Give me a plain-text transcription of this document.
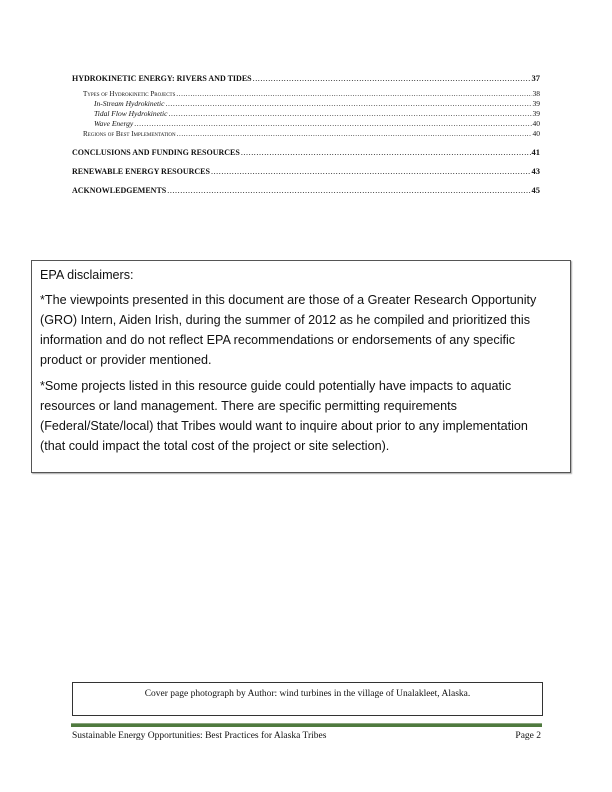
HYDROKINETIC ENERGY: RIVERS AND TIDES .....	37
Types of Hydrokinetic Projects .....	38
In-Stream Hydrokinetic .....	39
Tidal Flow Hydrokinetic .....	39
Wave Energy .....	40
Regions of Best Implementation .....	40
CONCLUSIONS AND FUNDING RESOURCES .....	41
RENEWABLE ENERGY RESOURCES .....	43
ACKNOWLEDGEMENTS .....	45

EPA disclaimers:

*The viewpoints presented in this document are those of a Greater Research Opportunity (GRO) Intern, Aiden Irish, during the summer of 2012 as he compiled and prioritized this information and do not reflect EPA recommendations or endorsements of any specific product or provider mentioned.

*Some projects listed in this resource guide could potentially have impacts to aquatic resources or land management. There are specific permitting requirements (Federal/State/local) that Tribes would want to inquire about prior to any implementation (that could impact the total cost of the project or site selection).

Cover page photograph by Author: wind turbines in the village of Unalakleet, Alaska.
Sustainable Energy Opportunities: Best Practices for Alaska Tribes	Page 2
